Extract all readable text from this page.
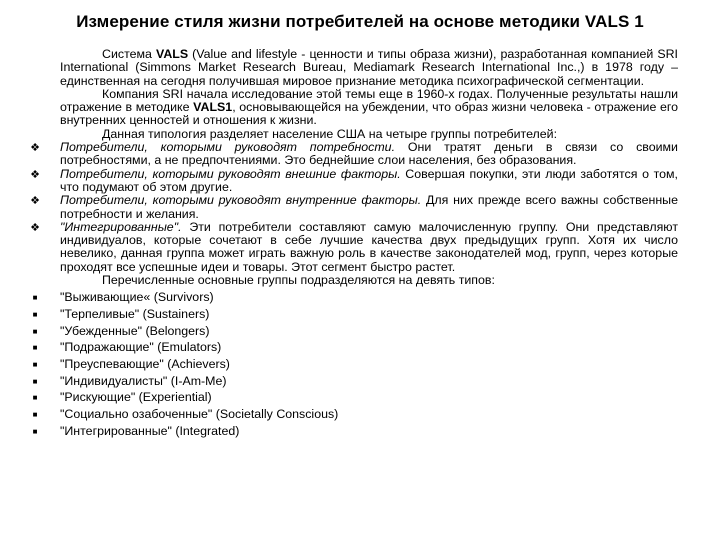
Измерение стиля жизни потребителей на основе методики VALS 1

Система VALS (Value and lifestyle - ценности и типы образа жизни), разработанная компанией SRI International (Simmons Market Research Bureau, Mediamark Research International Inc.,) в 1978 году – единственная на сегодня получившая мировое признание методика психографической сегментации.

Компания SRI начала исследование этой темы еще в 1960-х годах. Полученные результаты нашли отражение в методике VALS1, основывающейся на убеждении, что образ жизни человека - отражение его внутренних ценностей и отношения к жизни.

Данная типология разделяет население США на четыре группы потребителей:

❖ Потребители, которыми руководят потребности. Они тратят деньги в связи со своими потребностями, а не предпочтениями. Это беднейшие слои населения, без образования.

❖ Потребители, которыми руководят внешние факторы. Совершая покупки, эти люди заботятся о том, что подумают об этом другие.

❖ Потребители, которыми руководят внутренние факторы. Для них прежде всего важны собственные потребности и желания.

❖ "Интегрированные". Эти потребители составляют самую малочисленную группу. Они представляют индивидуалов, которые сочетают в себе лучшие качества двух предыдущих групп. Хотя их число невелико, данная группа может играть важную роль в качестве законодателей мод, групп, через которые проходят все успешные идеи и товары. Этот сегмент быстро растет.

Перечисленные основные группы подразделяются на девять типов:

■ "Выживающие« (Survivors)

■ "Терпеливые" (Sustainers)

■ "Убежденные" (Belongers)

■ "Подражающие" (Emulators)

■ "Преуспевающие" (Achievers)

■ "Индивидуалисты" (I-Am-Me)

■ "Рискующие" (Experiential)

■ "Социально озабоченные" (Societally Conscious)

■ "Интегрированные" (Integrated)
